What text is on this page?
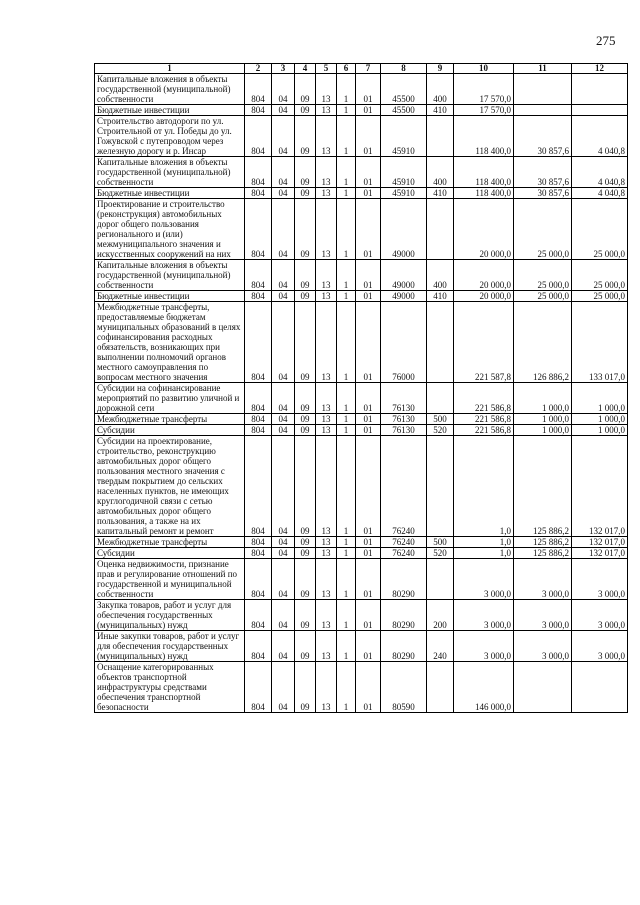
275
1	2	3	4	5	6	7	8	9	10	11	12
Капитальные вложения в объекты государственной (муниципальной) собственности	804	04	09	13	1	01	45500	400	17 570,0		
Бюджетные инвестиции	804	04	09	13	1	01	45500	410	17 570,0		
Строительство автодороги по ул. Строительной от ул. Победы до ул. Гожувской с путепроводом через железную дорогу и р. Инсар	804	04	09	13	1	01	45910		118 400,0	30 857,6	4 040,8
Капитальные вложения в объекты государственной (муниципальной) собственности	804	04	09	13	1	01	45910	400	118 400,0	30 857,6	4 040,8
Бюджетные инвестиции	804	04	09	13	1	01	45910	410	118 400,0	30 857,6	4 040,8
Проектирование и строительство (реконструкция) автомобильных дорог общего пользования регионального и (или) межмуниципального значения и искусственных сооружений на них	804	04	09	13	1	01	49000		20 000,0	25 000,0	25 000,0
Капитальные вложения в объекты государственной (муниципальной) собственности	804	04	09	13	1	01	49000	400	20 000,0	25 000,0	25 000,0
Бюджетные инвестиции	804	04	09	13	1	01	49000	410	20 000,0	25 000,0	25 000,0
Межбюджетные трансферты, предоставляемые бюджетам муниципальных образований в целях софинансирования расходных обязательств, возникающих при выполнении полномочий органов местного самоуправления по вопросам местного значения	804	04	09	13	1	01	76000		221 587,8	126 886,2	133 017,0
Субсидии на софинансирование мероприятий по развитию уличной и дорожной сети	804	04	09	13	1	01	76130		221 586,8	1 000,0	1 000,0
Межбюджетные трансферты	804	04	09	13	1	01	76130	500	221 586,8	1 000,0	1 000,0
Субсидии	804	04	09	13	1	01	76130	520	221 586,8	1 000,0	1 000,0
Субсидии на проектирование, строительство, реконструкцию автомобильных дорог общего пользования местного значения с твердым покрытием до сельских населенных пунктов, не имеющих круглогодичной связи с сетью автомобильных дорог общего пользования, а также на их капитальный ремонт и ремонт	804	04	09	13	1	01	76240		1,0	125 886,2	132 017,0
Межбюджетные трансферты	804	04	09	13	1	01	76240	500	1,0	125 886,2	132 017,0
Субсидии	804	04	09	13	1	01	76240	520	1,0	125 886,2	132 017,0
Оценка недвижимости, признание прав и регулирование отношений по государственной и муниципальной собственности	804	04	09	13	1	01	80290		3 000,0	3 000,0	3 000,0
Закупка товаров, работ и услуг для обеспечения государственных (муниципальных) нужд	804	04	09	13	1	01	80290	200	3 000,0	3 000,0	3 000,0
Иные закупки товаров, работ и услуг для обеспечения государственных (муниципальных) нужд	804	04	09	13	1	01	80290	240	3 000,0	3 000,0	3 000,0
Оснащение категорированных объектов транспортной инфраструктуры средствами обеспечения транспортной безопасности	804	04	09	13	1	01	80590		146 000,0		
